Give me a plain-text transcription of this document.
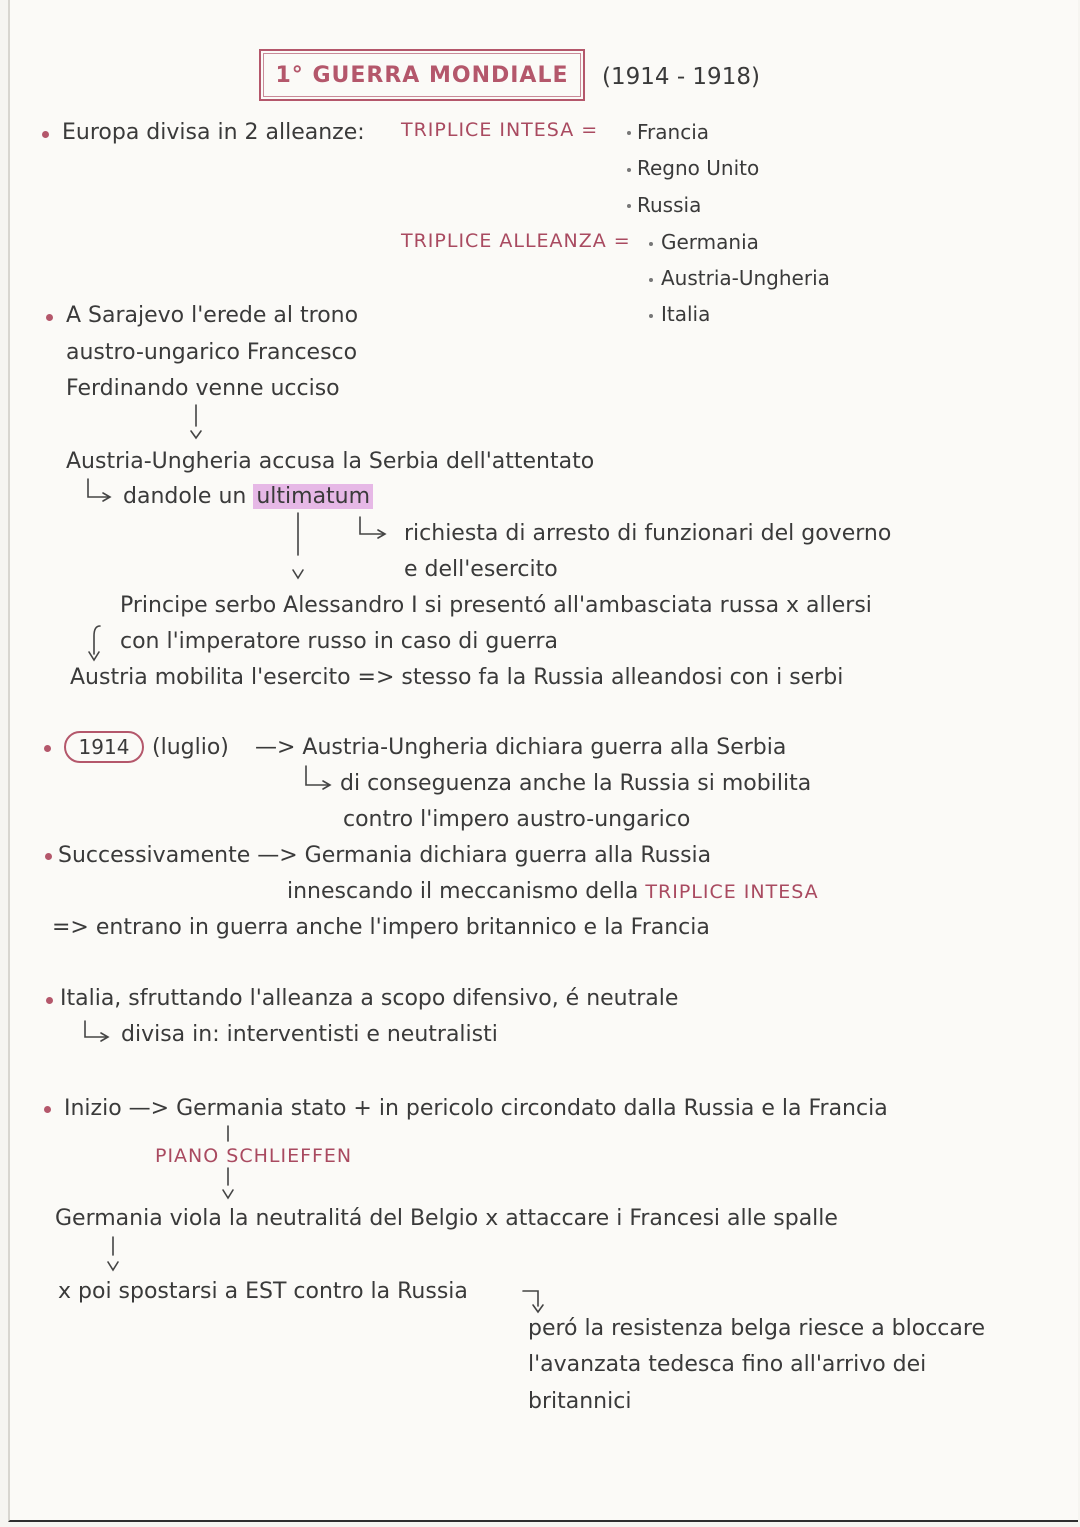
1° GUERRA MONDIALE	(1914 - 1918)
Europa divisa in 2 alleanze: TRIPLICE INTESA = Francia
Regno Unito
Russia
TRIPLICE ALLEANZA = Germania
Austria-Ungheria
Italia
A Sarajevo l'erede al trono
austro-ungarico Francesco
Ferdinando venne ucciso
Austria-Ungheria accusa la Serbia dell'attentato
dandole un ultimatum
richiesta di arresto di funzionari del governo
e dell'esercito
Principe serbo Alessandro I si presentó all'ambasciata russa x allersi
con l'imperatore russo in caso di guerra
Austria mobilita l'esercito => stesso fa la Russia alleandosi con i serbi
1914	(luglio) —> Austria-Ungheria dichiara guerra alla Serbia
di conseguenza anche la Russia si mobilita
contro l'impero austro-ungarico
Successivamente —> Germania dichiara guerra alla Russia
innescando il meccanismo della TRIPLICE INTESA
=> entrano in guerra anche l'impero britannico e la Francia
Italia, sfruttando l'alleanza a scopo difensivo, é neutrale
divisa in: interventisti e neutralisti
Inizio —> Germania stato + in pericolo circondato dalla Russia e la Francia
PIANO SCHLIEFFEN
Germania viola la neutralitá del Belgio x attaccare i Francesi alle spalle
x poi spostarsi a EST contro la Russia
peró la resistenza belga riesce a bloccare
l'avanzata tedesca fino all'arrivo dei
britannici
